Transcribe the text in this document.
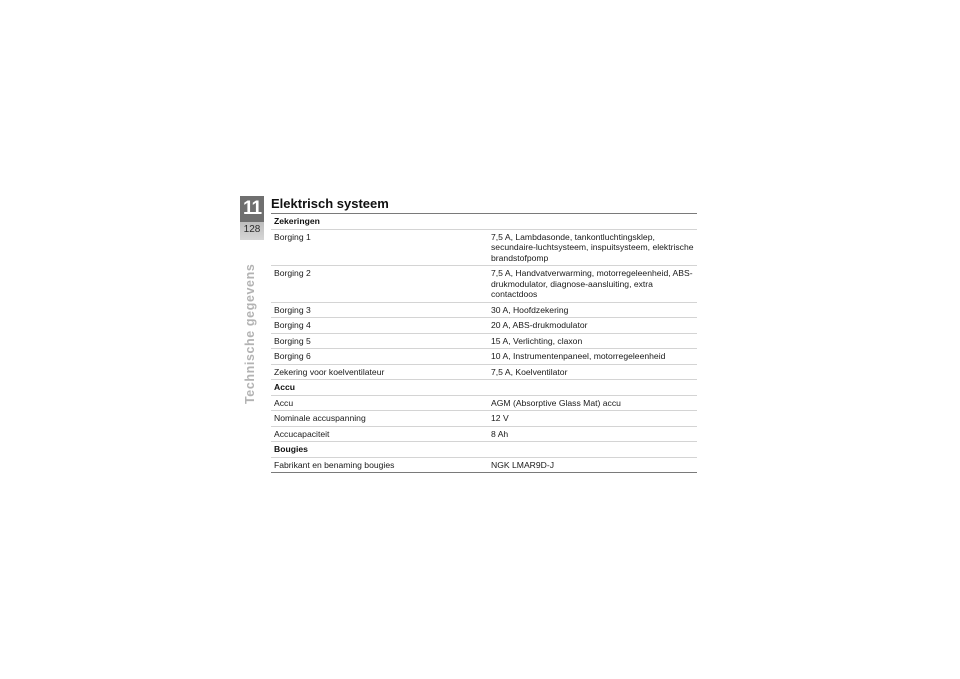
11
128
Technische gegevens
Elektrisch systeem
Zekeringen	
Borging 1	7,5 A, Lambdasonde, tankontluchtingsklep, secundaire-luchtsysteem, inspuitsysteem, elektrische brandstofpomp
Borging 2	7,5 A, Handvatverwarming, motorregeleenheid, ABS-drukmodulator, diagnose-aansluiting, extra contactdoos
Borging 3	30 A, Hoofdzekering
Borging 4	20 A, ABS-drukmodulator
Borging 5	15 A, Verlichting, claxon
Borging 6	10 A, Instrumentenpaneel, motorregeleenheid
Zekering voor koelventilateur	7,5 A, Koelventilator
Accu	
Accu	AGM (Absorptive Glass Mat) accu
Nominale accuspanning	12 V
Accucapaciteit	8 Ah
Bougies	
Fabrikant en benaming bougies	NGK LMAR9D-J
